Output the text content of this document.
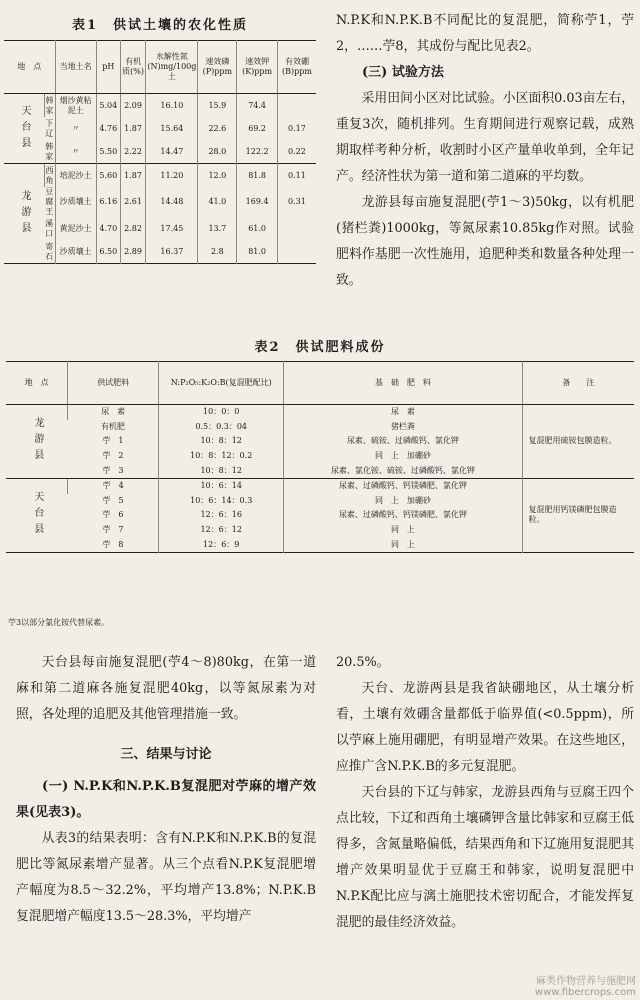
表1　供试土壤的农化性质
地　点		当地土名	pH	有机质(%)	水解性氮(N)mg/100g土	速效磷(P)ppm	速效钾(K)ppm	有效硼(B)ppm
天台县	韩家	烟沙黄粘泥土	5.04	2.09	16.10	15.9	74.4	
	下辽	〃	4.76	1.87	15.64	22.6	69.2	0.17
	韩家	〃	5.50	2.22	14.47	28.0	122.2	0.22
龙游县	西角	培泥沙土	5.60	1.87	11.20	12.0	81.8	0.11
	豆腐王	沙质壤土	6.16	2.61	14.48	41.0	169.4	0.31
	溪口	黄泥沙土	4.70	2.82	17.45	13.7	61.0	
	寄石	沙质壤土	6.50	2.89	16.37	2.8	81.0	

N.P.K和N.P.K.B不同配比的复混肥，简称苧1，苧2，……苧8，其成份与配比见表2。

(三) 试验方法

采用田间小区对比试验。小区面积0.03亩左右，重复3次，随机排列。生育期间进行观察记载，成熟期取样考种分析，收割时小区产量单收单到，全年记产。经济性状为第一道和第二道麻的平均数。

龙游县每亩施复混肥(苧1～3)50kg，以有机肥(猪栏粪)1000kg，等氮尿素10.85kg作对照。试验肥料作基肥一次性施用，追肥种类和数量各种处理一致。

表2　供试肥料成份
地　点	供试肥料	N:P₂O₅:K₂O:B(复混肥配比)	基　础　肥　料	备　　注
龙游县	尿　素	10：0：0	尿　素	复混肥用硫铵包膜造粒。
	有机肥	0.5：0.3：04	猪栏粪	
	苧　1	10：8：12	尿素、硫铵、过磷酸钙、氯化钾	
	苧　2	10：8：12：0.2	同　上　加硼砂	
	苧　3	10：8：12	尿素、氯化铵、硫铵、过磷酸钙、氯化钾	
天台县	苧　4	10：6：14	尿素、过磷酸钙、钙镁磷肥、氯化钾	复混肥用钙镁磷肥包膜造粒。
	苧　5	10：6：14：0.3	同　上　加硼砂	
	苧　6	12：6：16	尿素、过磷酸钙、钙镁磷肥、氯化钾	
	苧　7	12：6：12	同　上	
	苧　8	12：6：9	同　上	
苧3以部分氯化铵代替尿素。

天台县每亩施复混肥(苧4～8)80kg，在第一道麻和第二道麻各施复混肥40kg，以等氮尿素为对照，各处理的追肥及其他管理措施一致。

三、结果与讨论

(一) N.P.K和N.P.K.B复混肥对苧麻的增产效果(见表3)。

从表3的结果表明：含有N.P.K和N.P.K.B的复混肥比等氮尿素增产显著。从三个点看N.P.K复混肥增产幅度为8.5～32.2%，平均增产13.8%；N.P.K.B复混肥增产幅度13.5～28.3%，平均增产

20.5%。

天台、龙游两县是我省缺硼地区，从土壤分析看，土壤有效硼含量都低于临界值(<0.5ppm)，所以苧麻上施用硼肥，有明显增产效果。在这些地区，应推广含N.P.K.B的多元复混肥。

天台县的下辽与韩家，龙游县西角与豆腐王四个点比较，下辽和西角土壤磷钾含量比韩家和豆腐王低得多，含氮量略偏低，结果西角和下辽施用复混肥其增产效果明显优于豆腐王和韩家，说明复混肥中N.P.K配比应与漓土施肥技术密切配合，才能发挥复混肥的最佳经济效益。

麻类作物营养与施肥网 www.fibercrops.com
